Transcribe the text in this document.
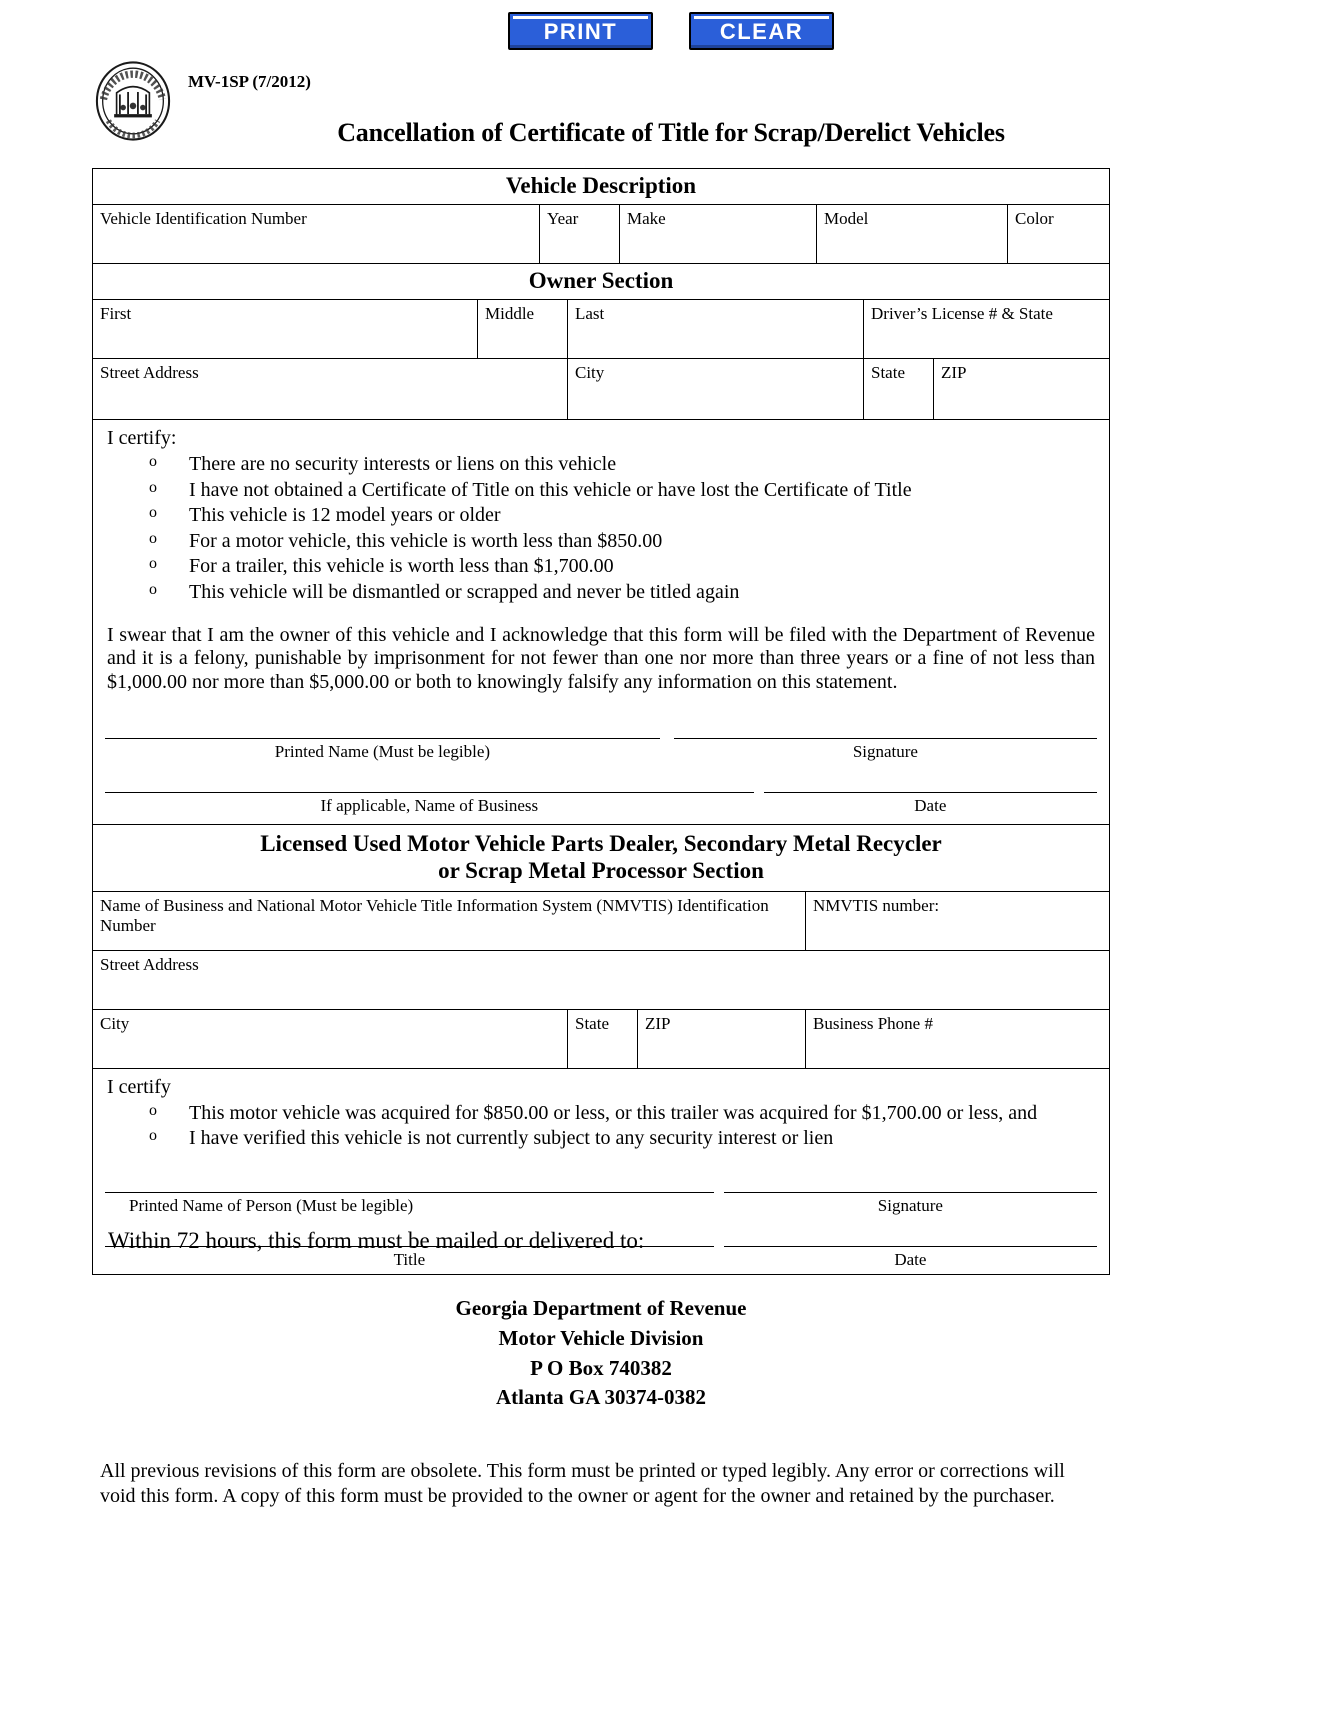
PRINT	CLEAR
MV-1SP (7/2012)
Cancellation of Certificate of Title for Scrap/Derelict Vehicles
Vehicle Description
Vehicle Identification Number	Year	Make	Model	Color
Owner Section
First	Middle	Last	Driver’s License # & State
Street Address	City	State	ZIP
I certify:
o There are no security interests or liens on this vehicle
o I have not obtained a Certificate of Title on this vehicle or have lost the Certificate of Title
o This vehicle is 12 model years or older
o For a motor vehicle, this vehicle is worth less than $850.00
o For a trailer, this vehicle is worth less than $1,700.00
o This vehicle will be dismantled or scrapped and never be titled again

I swear that I am the owner of this vehicle and I acknowledge that this form will be filed with the Department of Revenue and it is a felony, punishable by imprisonment for not fewer than one nor more than three years or a fine of not less than $1,000.00 nor more than $5,000.00 or both to knowingly falsify any information on this statement.

Printed Name (Must be legible)	Signature
If applicable, Name of Business	Date
Licensed Used Motor Vehicle Parts Dealer, Secondary Metal Recycler
or Scrap Metal Processor Section
Name of Business and National Motor Vehicle Title Information System (NMVTIS) Identification Number
NMVTIS number:
Street Address
City	State	ZIP	Business Phone #
I certify
o This motor vehicle was acquired for $850.00 or less, or this trailer was acquired for $1,700.00 or less, and
o I have verified this vehicle is not currently subject to any security interest or lien
Printed Name of Person (Must be legible)	Signature
Title	Date
Within 72 hours, this form must be mailed or delivered to:
Georgia Department of Revenue
Motor Vehicle Division
P O Box 740382
Atlanta GA 30374-0382
All previous revisions of this form are obsolete. This form must be printed or typed legibly. Any error or corrections will void this form. A copy of this form must be provided to the owner or agent for the owner and retained by the purchaser.
